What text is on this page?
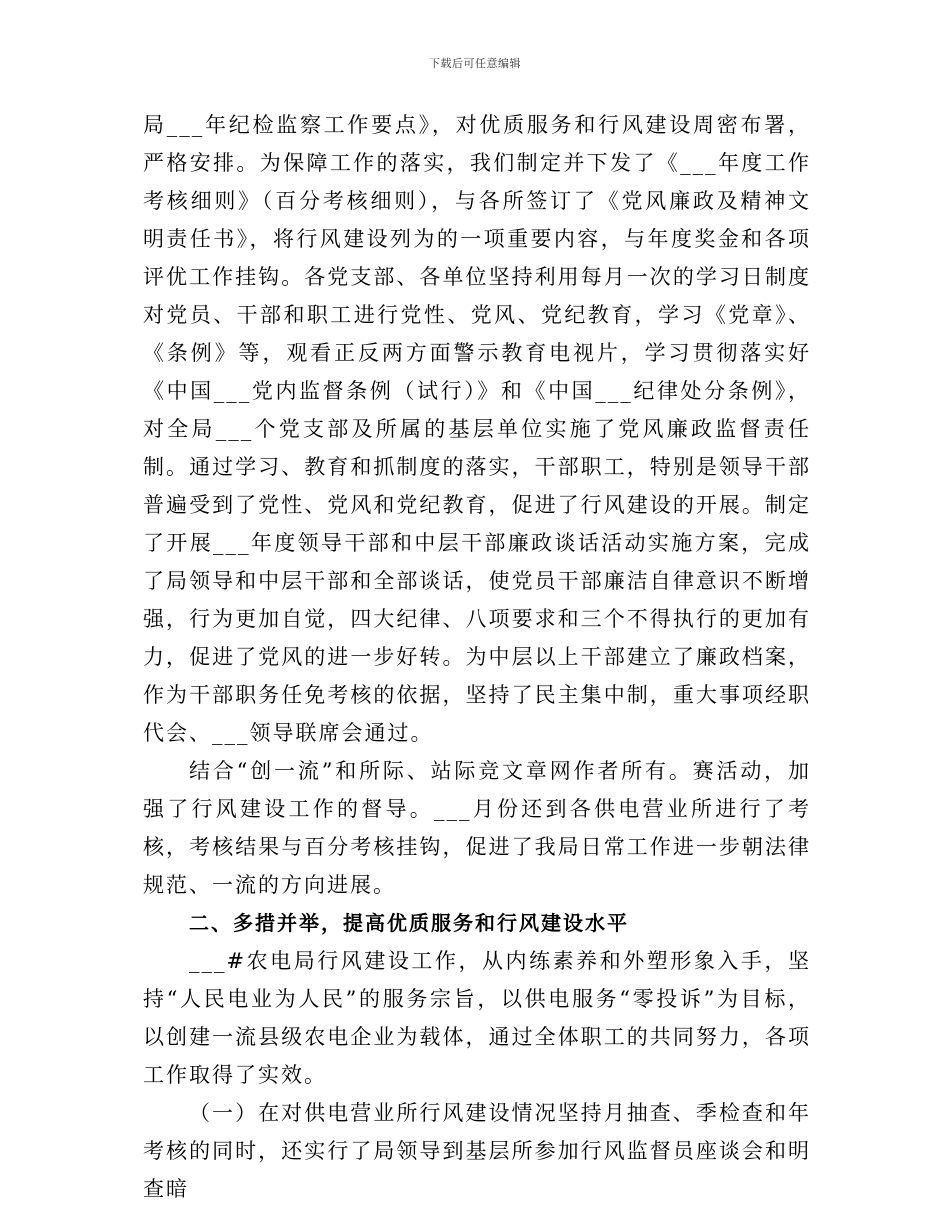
下载后可任意编辑

局___年纪检监察工作要点》，对优质服务和行风建设周密布署，严格安排。为保障工作的落实，我们制定并下发了《___年度工作考核细则》（百分考核细则），与各所签订了《党风廉政及精神文明责任书》，将行风建设列为的一项重要内容，与年度奖金和各项评优工作挂钩。各党支部、各单位坚持利用每月一次的学习日制度对党员、干部和职工进行党性、党风、党纪教育，学习《党章》、《条例》等，观看正反两方面警示教育电视片，学习贯彻落实好《中国___党内监督条例（试行）》和《中国___纪律处分条例》，对全局___个党支部及所属的基层单位实施了党风廉政监督责任制。通过学习、教育和抓制度的落实，干部职工，特别是领导干部普遍受到了党性、党风和党纪教育，促进了行风建设的开展。制定了开展___年度领导干部和中层干部廉政谈话活动实施方案，完成了局领导和中层干部和全部谈话，使党员干部廉洁自律意识不断增强，行为更加自觉，四大纪律、八项要求和三个不得执行的更加有力，促进了党风的进一步好转。为中层以上干部建立了廉政档案，作为干部职务任免考核的依据，坚持了民主集中制，重大事项经职代会、___领导联席会通过。

结合“创一流”和所际、站际竞文章网作者所有。赛活动，加强了行风建设工作的督导。___月份还到各供电营业所进行了考核，考核结果与百分考核挂钩，促进了我局日常工作进一步朝法律规范、一流的方向进展。

二、多措并举，提高优质服务和行风建设水平

___#农电局行风建设工作，从内练素养和外塑形象入手，坚持“人民电业为人民”的服务宗旨，以供电服务“零投诉”为目标，以创建一流县级农电企业为载体，通过全体职工的共同努力，各项工作取得了实效。

（一）在对供电营业所行风建设情况坚持月抽查、季检查和年考核的同时，还实行了局领导到基层所参加行风监督员座谈会和明查暗
